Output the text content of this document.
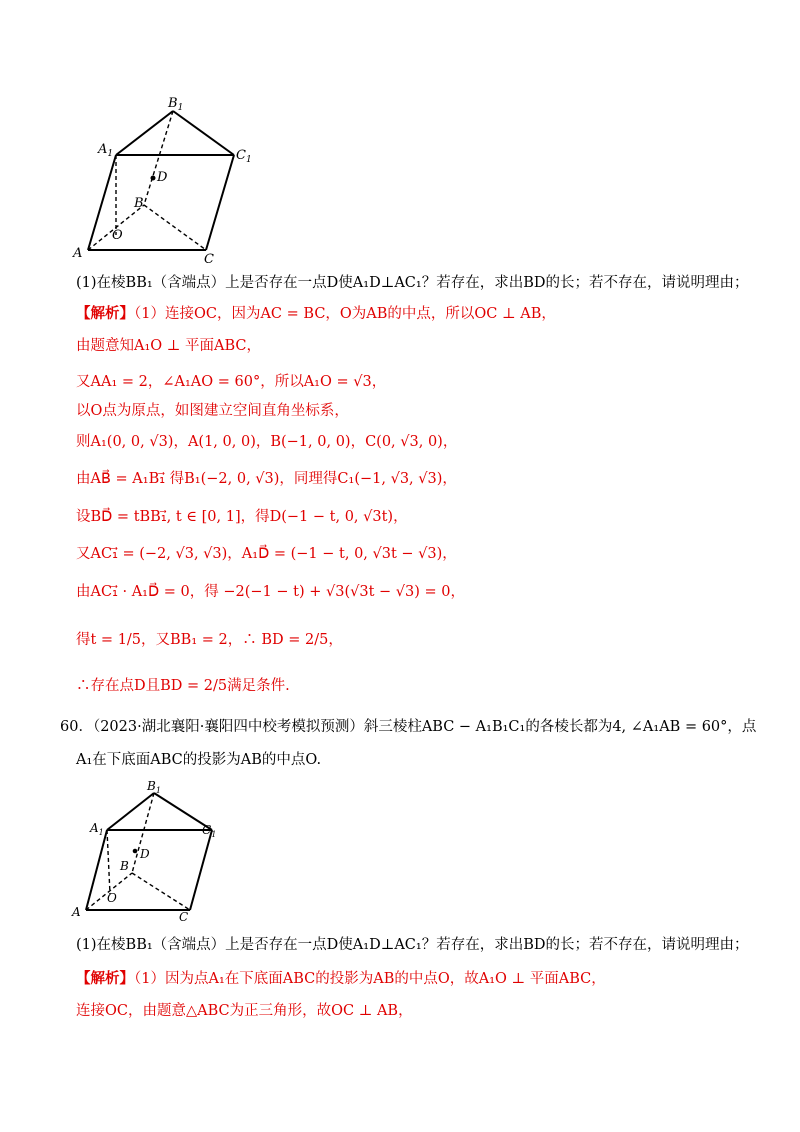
$B_1$
$A_1$	$C_1$
D
B
O
A	C
(1)在棱BB₁（含端点）上是否存在一点D使A₁D⊥AC₁？若存在，求出BD的长；若不存在，请说明理由；
【解析】（1）连接OC，因为AC = BC，O为AB的中点，所以OC ⊥ AB，
由题意知A₁O ⊥ 平面ABC，
又AA₁ = 2，∠A₁AO = 60°，所以A₁O = √3，
以O点为原点，如图建立空间直角坐标系，
则A₁(0, 0, √3)，A(1, 0, 0)，B(−1, 0, 0)，C(0, √3, 0)，
由AB⃗ = A₁B₁⃗ 得B₁(−2, 0, √3)，同理得C₁(−1, √3, √3)，
设BD⃗ = tBB₁⃗, t ∈ [0, 1]，得D(−1 − t, 0, √3t)，
又AC₁⃗ = (−2, √3, √3)，A₁D⃗ = (−1 − t, 0, √3t − √3)，
由AC₁⃗ · A₁D⃗ = 0，得 −2(−1 − t) + √3(√3t − √3) = 0，
得t = 1/5，又BB₁ = 2，∴ BD = 2/5，
∴存在点D且BD = 2/5满足条件.
60．（2023·湖北襄阳·襄阳四中校考模拟预测）斜三棱柱ABC − A₁B₁C₁的各棱长都为4, ∠A₁AB = 60°，点
A₁在下底面ABC的投影为AB的中点O.
$B_1$
$A_1$	$C_1$
D
B
O
A	C
(1)在棱BB₁（含端点）上是否存在一点D使A₁D⊥AC₁？若存在，求出BD的长；若不存在，请说明理由；
【解析】（1）因为点A₁在下底面ABC的投影为AB的中点O，故A₁O ⊥ 平面ABC，
连接OC，由题意△ABC为正三角形，故OC ⊥ AB，
